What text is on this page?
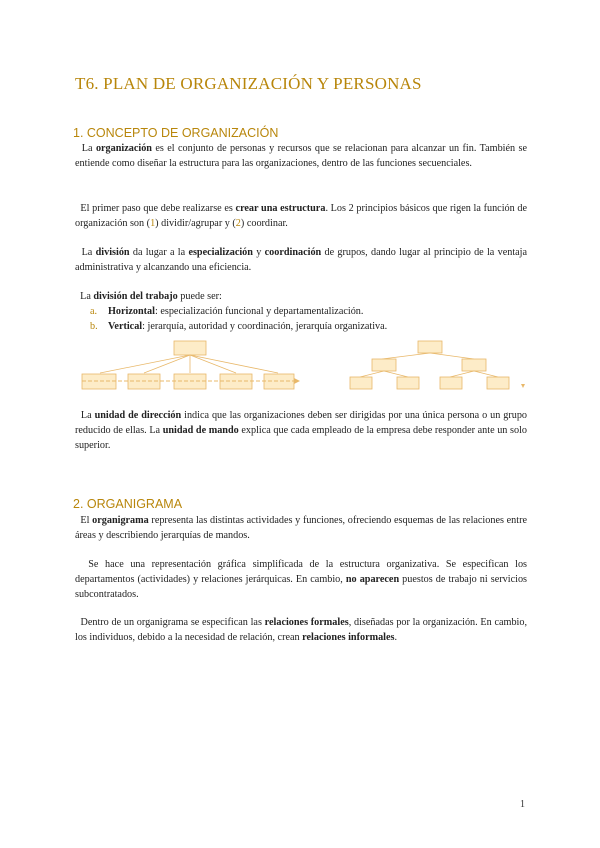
T6. PLAN DE ORGANIZACIÓN Y PERSONAS
1. CONCEPTO DE ORGANIZACIÓN
La organización es el conjunto de personas y recursos que se relacionan para alcanzar un fin. También se entiende como diseñar la estructura para las organizaciones, dentro de las funciones secuenciales.
El primer paso que debe realizarse es crear una estructura. Los 2 principios básicos que rigen la función de organización son (1) dividir/agrupar y (2) coordinar.
La división da lugar a la especialización y coordinación de grupos, dando lugar al principio de la ventaja administrativa y alcanzando una eficiencia.
La división del trabajo puede ser:
a. Horizontal: especialización funcional y departamentalización.
b. Vertical: jerarquía, autoridad y coordinación, jerarquía organizativa.
La unidad de dirección indica que las organizaciones deben ser dirigidas por una única persona o un grupo reducido de ellas. La unidad de mando explica que cada empleado de la empresa debe responder ante un solo superior.
2. ORGANIGRAMA
El organigrama representa las distintas actividades y funciones, ofreciendo esquemas de las relaciones entre áreas y describiendo jerarquías de mandos.
Se hace una representación gráfica simplificada de la estructura organizativa. Se especifican los departamentos (actividades) y relaciones jerárquicas. En cambio, no aparecen puestos de trabajo ni servicios subcontratados.
Dentro de un organigrama se especifican las relaciones formales, diseñadas por la organización. En cambio, los individuos, debido a la necesidad de relación, crean relaciones informales.
1
